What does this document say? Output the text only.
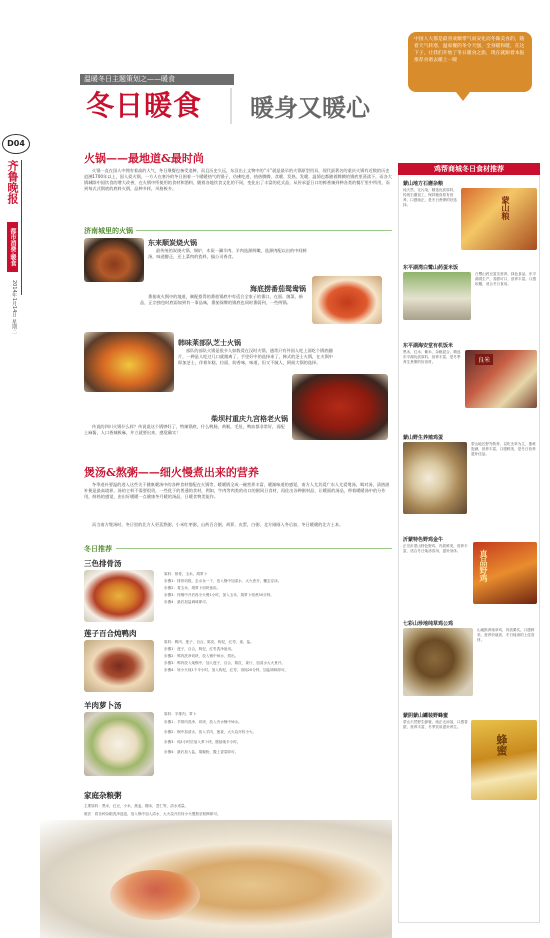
D04
齐鲁晚报
都市消费·暖食
2014年1月14日 星期二
温暖冬日主题策划之——暖食
冬日暖食 暖身又暖心
中国人大都是最喜欢顺带气而安化而冬做美食的，随着天气转寒，温家餐的冬令天强，全身暖和暖，在这下子，让我们开始了冬日暖食之旅，现在就跟着本报推荐食谱去暖上一暖
火锅——最地道&最时尚
火锅一直在国人中拥有着高的人气，冬日聚餐也备受追捧，而且历史久远，东汉出土文物中的“斗”就是最早的火锅原型用具，现代最著名的重庆火锅有近数的历史追溯1700年以上，国人爱火锅，一方人在寒冷的冬日围着一个暖暖热气的锅子，仿佛吃进、热热腾腾、食暖、发热、发暖，温情也都随着腾腾的锅底里荡漾下，而各大锅城除中国饮食的增大改善，在火锅中所使用的食材和酒料，随着各地饮食文化的不同，变化出了丰富的花式品，从传承夏日口的鲜香辣到种各类的餐厅里中所用，而到每式式锅底的底料火锅，品种多样，风格极多。
济南城里的火锅
东来顺炭烧火锅
最传统的炭烧火锅，铜炉，木炭一涮羊肉，羊肉选源鲜嫩，选源肉配以出的中间鲜汤，味道醇正，还上菜肉的瓷料，搞公司香食。
海底捞番茄鸳鸯锅
番茄或火锅中的地道，制配搭得的番茄锅底中有适合全家子的番口，在面、菌菜、新品，正宗独包时底雨如到有一事品味，番茄保牌的锅底也同时番弱到，一些两锅。
韩味莱部队芝士火锅
部队的部队火锅是很多人如数爱在汉时火锅，通常只有外国人吃上面吃个锅底翻片，一种是人吃过几口就踏离了，手里好中的选择来了，韩式的芝士火锅，在火锅中即加芝士，伴着年糕，拉面，防香味，味道，但又不腻人，阿候大锅的选择。
柴坝村重庆九宫格老火锅
传说的四川火锅什么样？传说说这个锅够好了，特辣锅底，什么鸭肠，黄喉，毛肚，鸭血都非常好，再配上麻酱，人口香辣极麻，并立就要出来，感觉确实！
煲汤&熬粥——细火慢煮出来的营养
冬季进补要温的进入这些关于健康暖汤中的各种食材搭配在火锅等，暖暖锅全成一碗营养丰富，暖渐味道的感觉，南方人尤其爱广东人尤爱煲汤，喝对汤，清热滋补便是最高境界，汤的主料不需要很贵，一些优于的普通的食材，例如，牛肉等肉类的动口的粥同日食材，再佐出各种粥材品，让暖面的汤品，带着暖暖汤中的分作用，鲜热的感觉，由出好暖暖一点健康冬月暖的汤品，日暖食物美能作。
而当南方煲汤时，冬日里的北方人更喜熬粥，小米红枣粥，山药百合粥，胡萝，皮蛋，白粥，北方刚刚入冬后加，冬日暖暖的北方土本。
冬日推荐
三色排骨汤
原料：排骨，玉米，胡萝卜
步骤1：排骨切段，去水汆一下，放入锅中加清水，大火煮开，撇去浮沫。
步骤2：将玉米，胡萝卜切块备用。
步骤3：待锅中开后再小火煲1小时，加入玉米，胡萝卜再煮30分钟。
步骤4：最后加盐调味即可。
莲子百合炖鸭肉
原料：鸭肉，莲子，百合，陈皮，枸杞，红枣，姜，盐。
步骤1：莲子，百合，枸杞，红枣洗净备用。
步骤2：鸭肉洗净切块，放入锅中焯水，捞出。
步骤3：鸭肉放入炖锅中，加入莲子，百合，陈皮，姜片，加清水大火煮开。
步骤4：转小火炖1个半小时，加入枸杞，红枣，再炖20分钟，加盐调味即可。
羊肉萝卜汤
原料：羊排肉，萝卜
步骤1：羊排肉洗净，切块，放入冷水锅中焯水。
步骤2：锅中加清水，放入羊肉，葱姜，大火烧开转小火。
步骤3：炖1小时后加入萝卜块，继续炖半小时。
步骤4：最后加入盐，胡椒粉，撒上香菜即可。
家庭杂粮粥
主要原料：黑米，红豆，小米，燕麦，糯米，薏仁等，清水适量。
做法：将各种杂粮洗净浸泡，放入锅中加入清水，大火烧开后转小火慢熬至粘稠即可。
鸡帮商城冬日食材推荐
蒙山地方石磨杂粮
纯天然，无污染，精选优质原料，传统石磨加工，保持粮食原有营养，口感纯正，是冬日煮粥的好选择。	蒙山粮
东平湖湾白鹭山药蛋米饭
白鹭山药豆富含营养，绿色食品，东平湖湾生产，香甜可口，营养丰富，口感软糯，适合冬日食用。
东平湖海安堂有机饭米
黑米，红米，紫米，杂粮混合，精选东平湖优质原料，营养丰富，是冬季养生煮粥的好食材。	良米
蒙山野生养殖鸡蛋
蒙山地区野外散养，以吃虫草为主，蛋黄饱满，营养丰富，口感鲜美，是冬日营养滋补佳品。
沂蒙特色野鸡金牛
正宗沂蒙山特色野鸡，肉质鲜美，营养丰富，适合冬日炖汤食用，滋补身体。	真品野鸡
七彩山珍地纯草鸡公鸡
山地散养纯草鸡，肉质紧实，口感鲜美，营养价值高，冬日炖汤的上佳食材。
蒙阴蒙山罐装野蜂蜜
蒙山天然野生蜂蜜，纯正无添加，口感香甜，营养丰富，冬季饮用滋补养生。
蜂蜜
